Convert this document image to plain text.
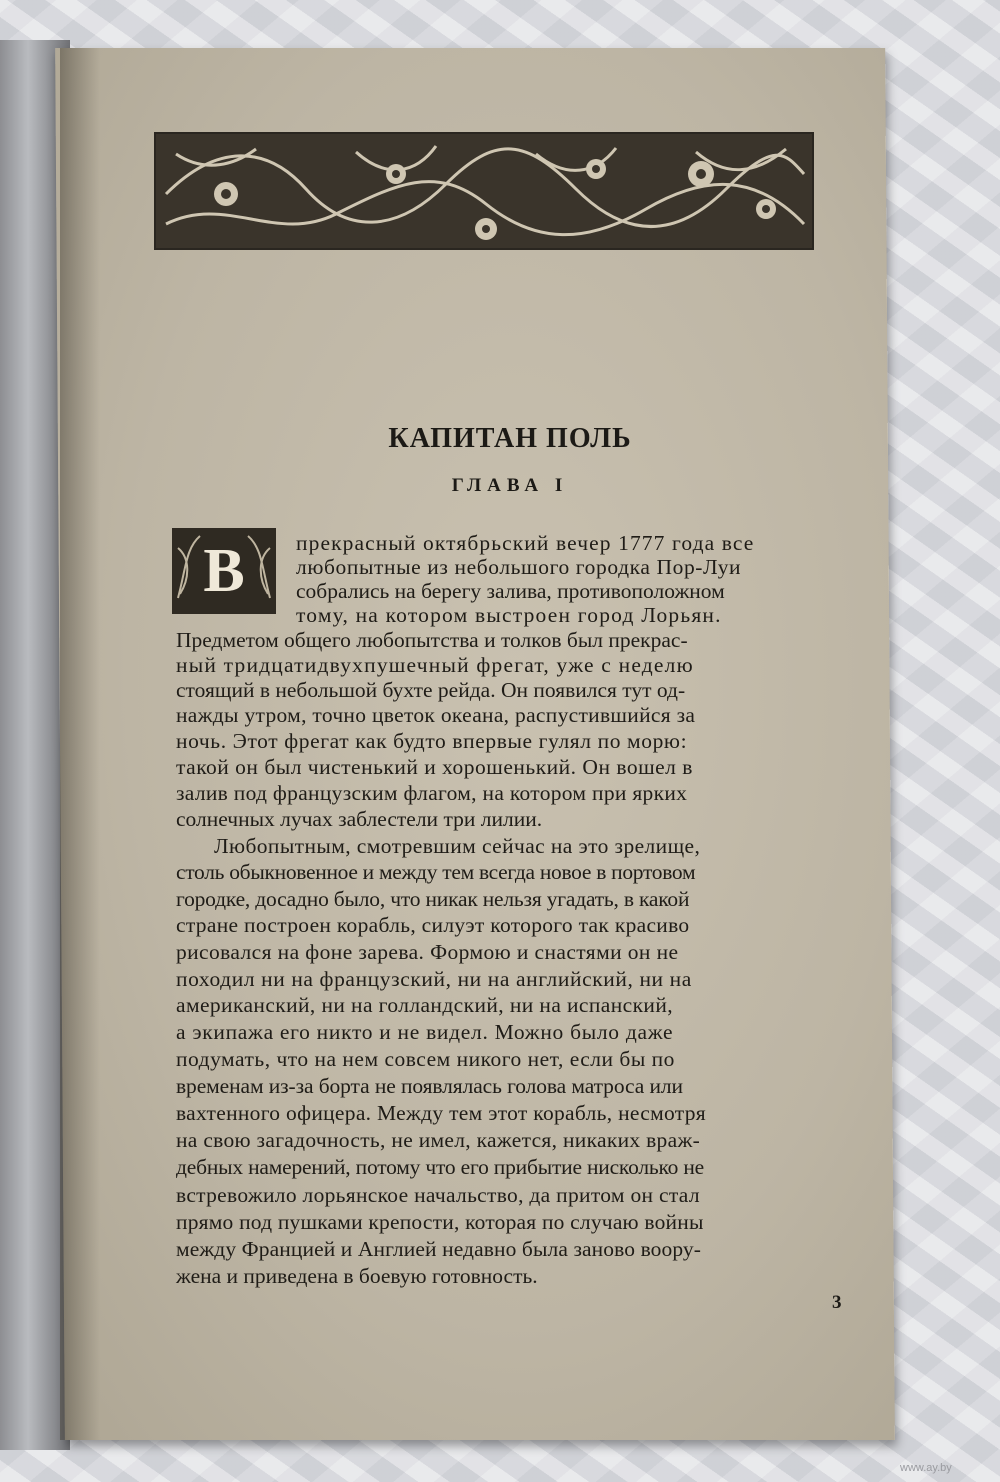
КАПИТАН ПОЛЬ
ГЛАВА I
В	прекрасный октябрьский вечер 1777 года все

любопытные из небольшого городка Пор-Луи

собрались на берегу залива, противоположном

тому, на котором выстроен город Лорьян.

Предметом общего любопытства и толков был прекрас-

ный тридцатидвухпушечный фрегат, уже с неделю

стоящий в небольшой бухте рейда. Он появился тут од-

нажды утром, точно цветок океана, распустившийся за

ночь. Этот фрегат как будто впервые гулял по морю:

такой он был чистенький и хорошенький. Он вошел в

залив под французским флагом, на котором при ярких

солнечных лучах заблестели три лилии.

Любопытным, смотревшим сейчас на это зрелище,

столь обыкновенное и между тем всегда новое в портовом

городке, досадно было, что никак нельзя угадать, в какой

стране построен корабль, силуэт которого так красиво

рисовался на фоне зарева. Формою и снастями он не

походил ни на французский, ни на английский, ни на

американский, ни на голландский, ни на испанский,

а экипажа его никто и не видел. Можно было даже

подумать, что на нем совсем никого нет, если бы по

временам из-за борта не появлялась голова матроса или

вахтенного офицера. Между тем этот корабль, несмотря

на свою загадочность, не имел, кажется, никаких враж-

дебных намерений, потому что его прибытие нисколько не

встревожило лорьянское начальство, да притом он стал

прямо под пушками крепости, которая по случаю войны

между Францией и Англией недавно была заново воору-

жена и приведена в боевую готовность.

3
www.ay.by
